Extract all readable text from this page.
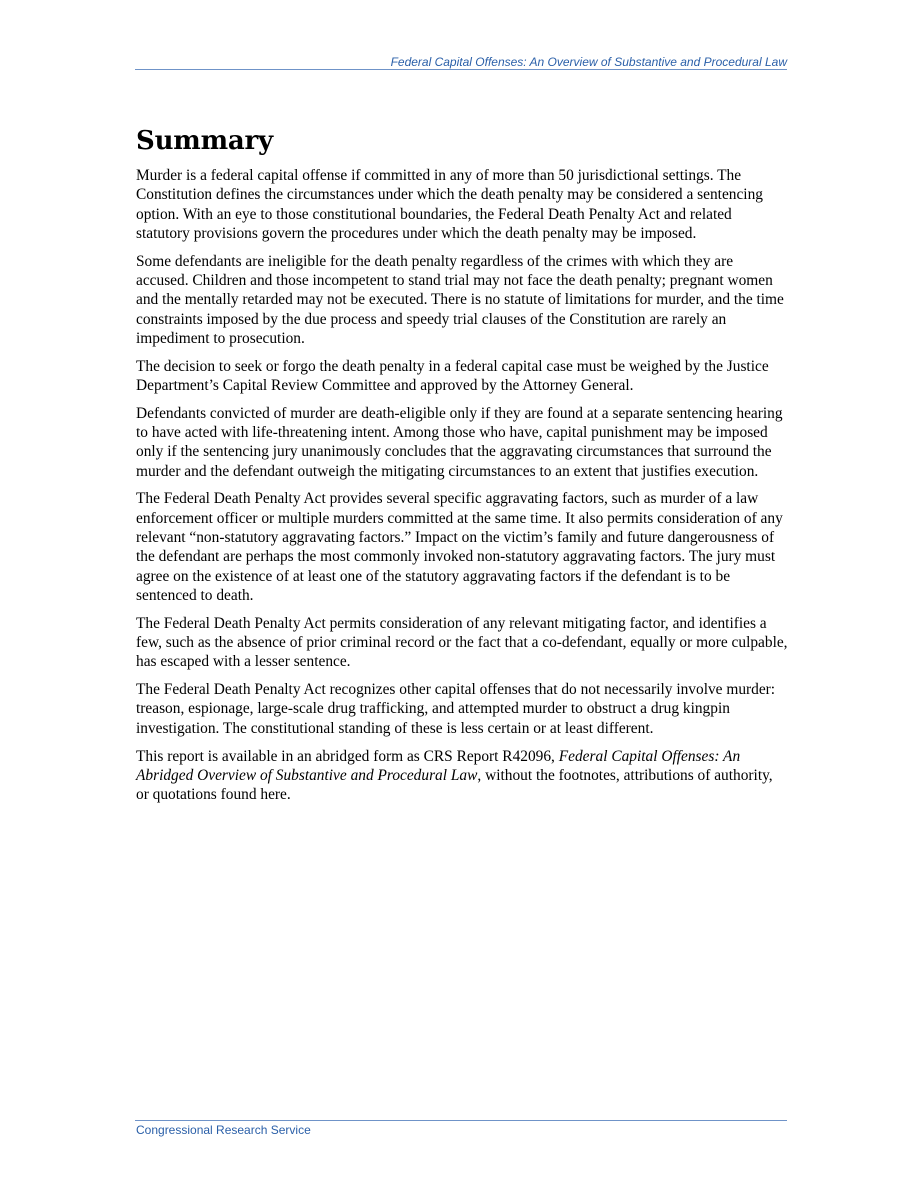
Federal Capital Offenses: An Overview of Substantive and Procedural Law
Summary

Murder is a federal capital offense if committed in any of more than 50 jurisdictional settings. The Constitution defines the circumstances under which the death penalty may be considered a sentencing option. With an eye to those constitutional boundaries, the Federal Death Penalty Act and related statutory provisions govern the procedures under which the death penalty may be imposed.

Some defendants are ineligible for the death penalty regardless of the crimes with which they are accused. Children and those incompetent to stand trial may not face the death penalty; pregnant women and the mentally retarded may not be executed. There is no statute of limitations for murder, and the time constraints imposed by the due process and speedy trial clauses of the Constitution are rarely an impediment to prosecution.

The decision to seek or forgo the death penalty in a federal capital case must be weighed by the Justice Department’s Capital Review Committee and approved by the Attorney General.

Defendants convicted of murder are death-eligible only if they are found at a separate sentencing hearing to have acted with life-threatening intent. Among those who have, capital punishment may be imposed only if the sentencing jury unanimously concludes that the aggravating circumstances that surround the murder and the defendant outweigh the mitigating circumstances to an extent that justifies execution.

The Federal Death Penalty Act provides several specific aggravating factors, such as murder of a law enforcement officer or multiple murders committed at the same time. It also permits consideration of any relevant “non-statutory aggravating factors.” Impact on the victim’s family and future dangerousness of the defendant are perhaps the most commonly invoked non-statutory aggravating factors. The jury must agree on the existence of at least one of the statutory aggravating factors if the defendant is to be sentenced to death.

The Federal Death Penalty Act permits consideration of any relevant mitigating factor, and identifies a few, such as the absence of prior criminal record or the fact that a co-defendant, equally or more culpable, has escaped with a lesser sentence.

The Federal Death Penalty Act recognizes other capital offenses that do not necessarily involve murder: treason, espionage, large-scale drug trafficking, and attempted murder to obstruct a drug kingpin investigation. The constitutional standing of these is less certain or at least different.

This report is available in an abridged form as CRS Report R42096, Federal Capital Offenses: An Abridged Overview of Substantive and Procedural Law, without the footnotes, attributions of authority, or quotations found here.

Congressional Research Service
